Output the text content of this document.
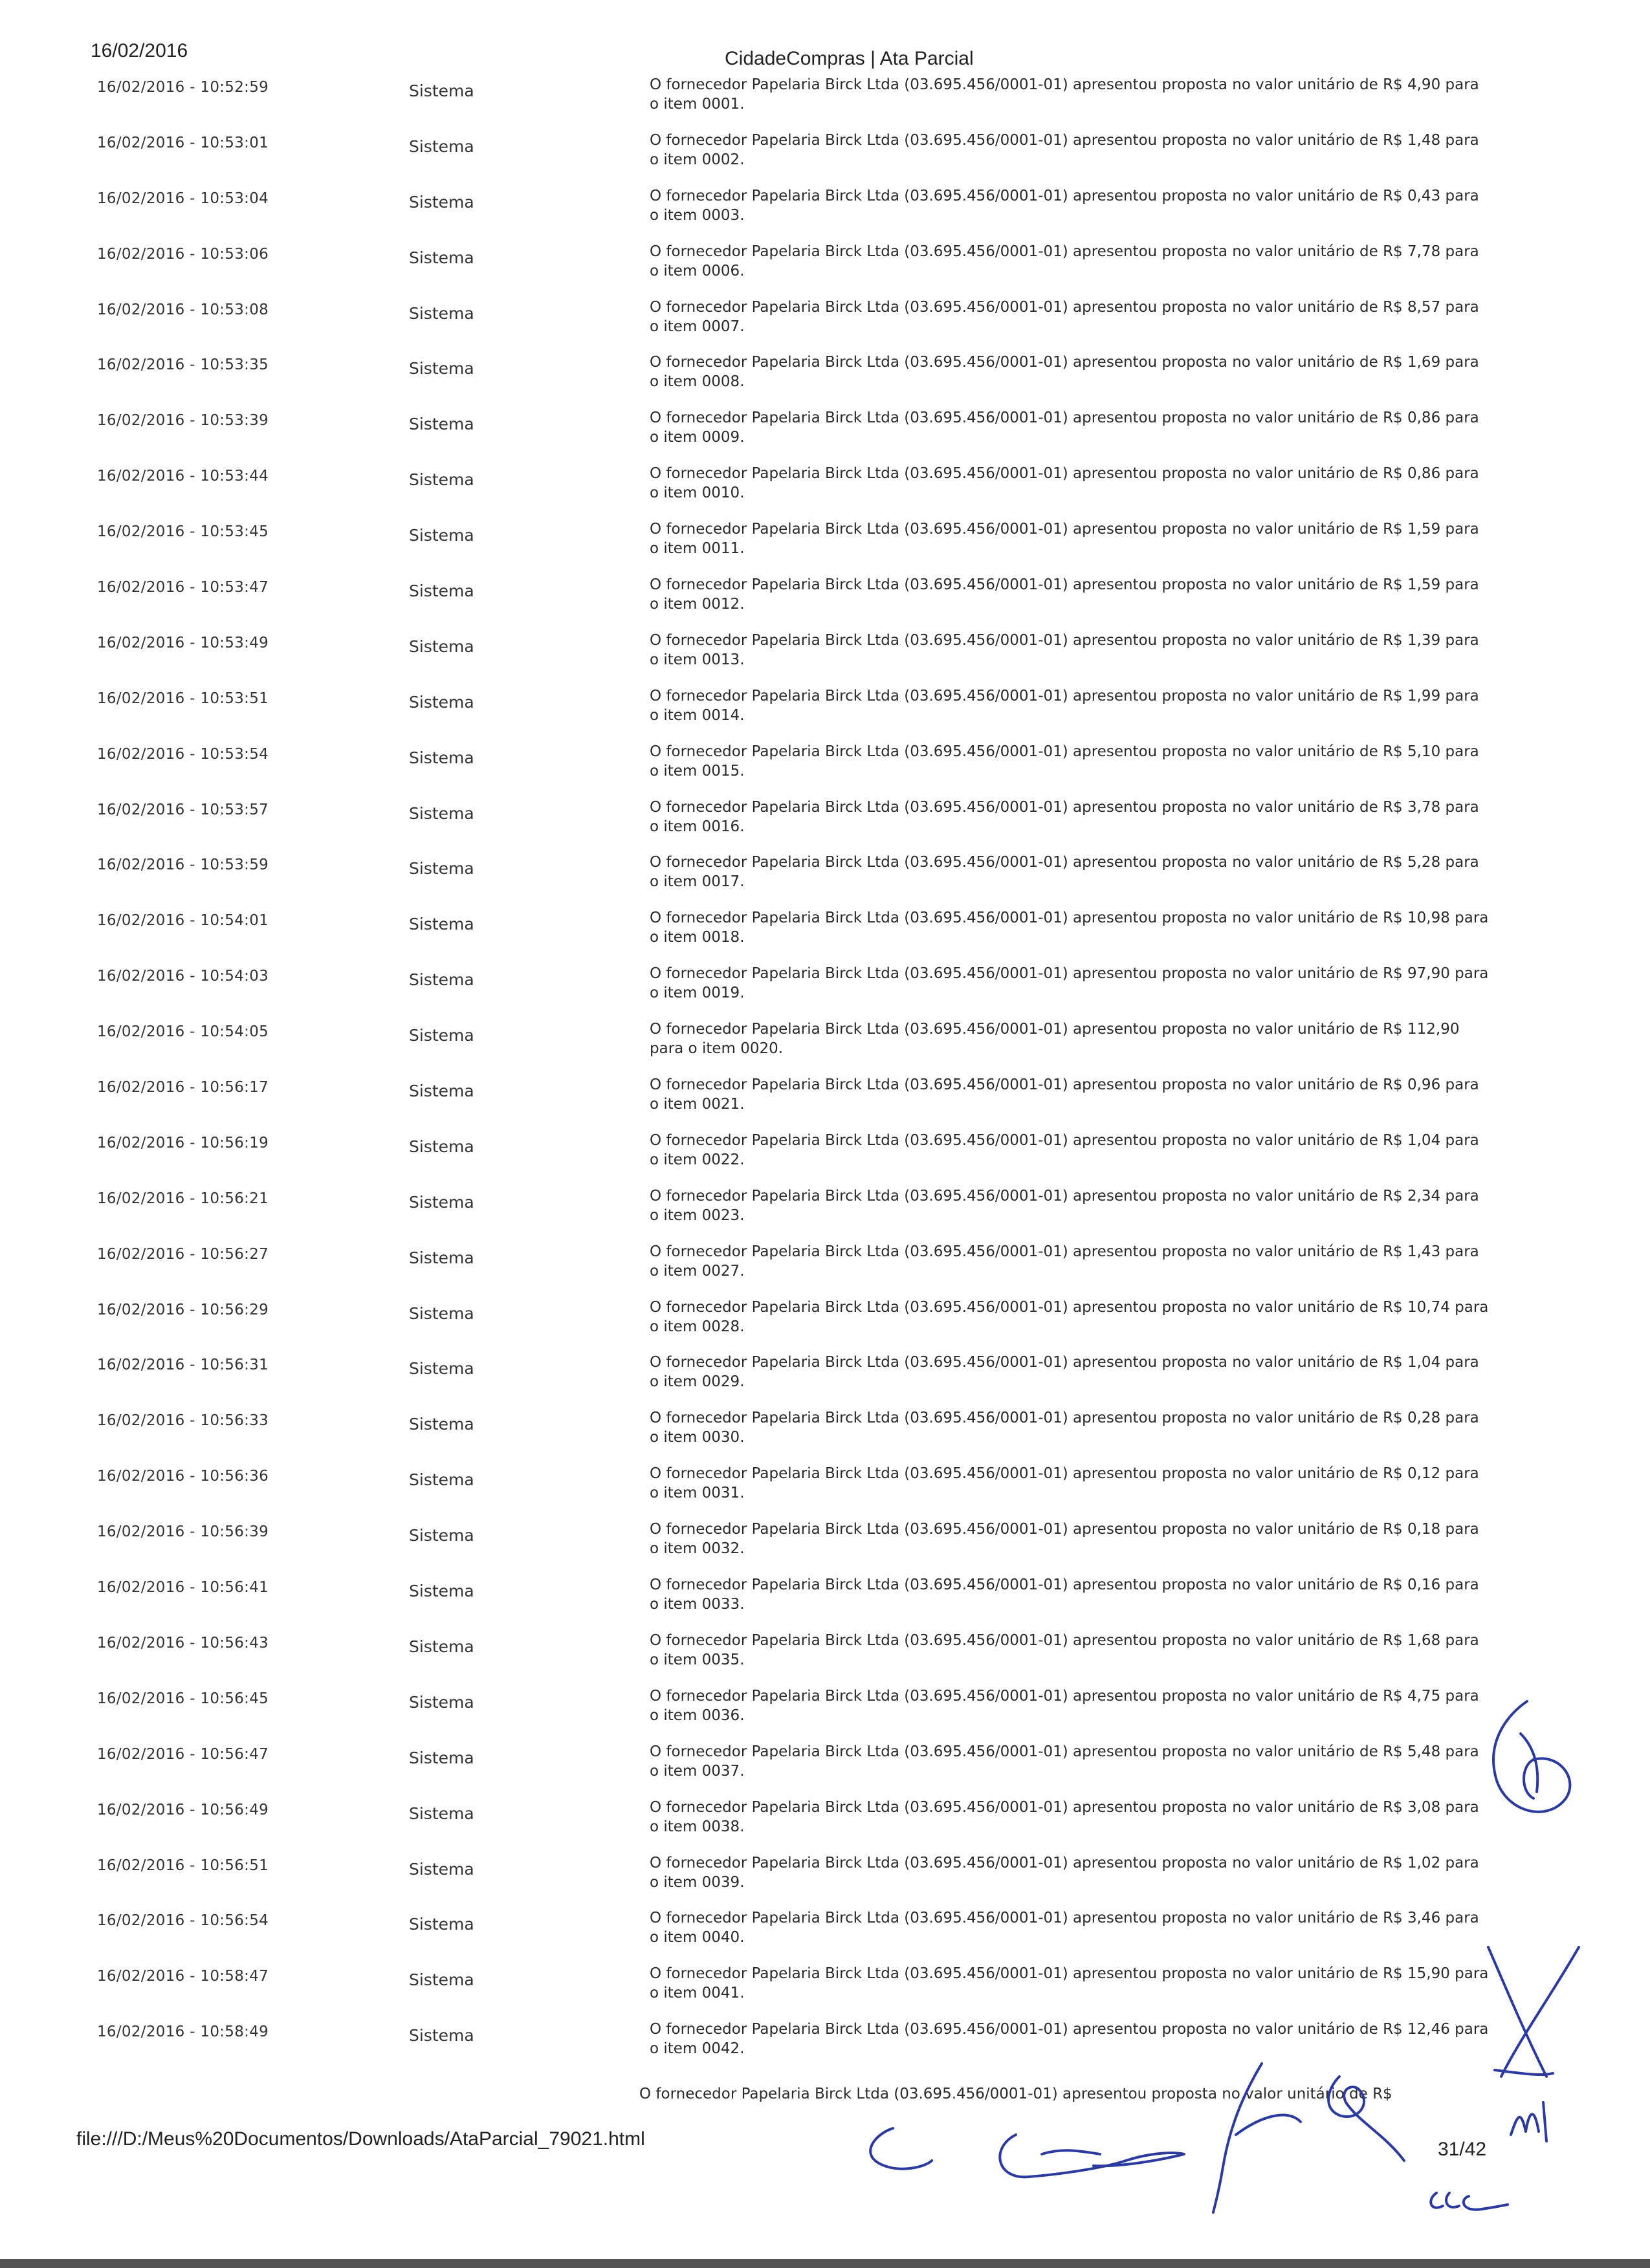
16/02/2016	CidadeCompras | Ata Parcial
16/02/2016 - 10:52:59	Sistema	O fornecedor Papelaria Birck Ltda (03.695.456/0001-01) apresentou proposta no valor unitário de R$ 4,90 para o item 0001.
16/02/2016 - 10:53:01	Sistema	O fornecedor Papelaria Birck Ltda (03.695.456/0001-01) apresentou proposta no valor unitário de R$ 1,48 para o item 0002.
16/02/2016 - 10:53:04	Sistema	O fornecedor Papelaria Birck Ltda (03.695.456/0001-01) apresentou proposta no valor unitário de R$ 0,43 para o item 0003.
16/02/2016 - 10:53:06	Sistema	O fornecedor Papelaria Birck Ltda (03.695.456/0001-01) apresentou proposta no valor unitário de R$ 7,78 para o item 0006.
16/02/2016 - 10:53:08	Sistema	O fornecedor Papelaria Birck Ltda (03.695.456/0001-01) apresentou proposta no valor unitário de R$ 8,57 para o item 0007.
16/02/2016 - 10:53:35	Sistema	O fornecedor Papelaria Birck Ltda (03.695.456/0001-01) apresentou proposta no valor unitário de R$ 1,69 para o item 0008.
16/02/2016 - 10:53:39	Sistema	O fornecedor Papelaria Birck Ltda (03.695.456/0001-01) apresentou proposta no valor unitário de R$ 0,86 para o item 0009.
16/02/2016 - 10:53:44	Sistema	O fornecedor Papelaria Birck Ltda (03.695.456/0001-01) apresentou proposta no valor unitário de R$ 0,86 para o item 0010.
16/02/2016 - 10:53:45	Sistema	O fornecedor Papelaria Birck Ltda (03.695.456/0001-01) apresentou proposta no valor unitário de R$ 1,59 para o item 0011.
16/02/2016 - 10:53:47	Sistema	O fornecedor Papelaria Birck Ltda (03.695.456/0001-01) apresentou proposta no valor unitário de R$ 1,59 para o item 0012.
16/02/2016 - 10:53:49	Sistema	O fornecedor Papelaria Birck Ltda (03.695.456/0001-01) apresentou proposta no valor unitário de R$ 1,39 para o item 0013.
16/02/2016 - 10:53:51	Sistema	O fornecedor Papelaria Birck Ltda (03.695.456/0001-01) apresentou proposta no valor unitário de R$ 1,99 para o item 0014.
16/02/2016 - 10:53:54	Sistema	O fornecedor Papelaria Birck Ltda (03.695.456/0001-01) apresentou proposta no valor unitário de R$ 5,10 para o item 0015.
16/02/2016 - 10:53:57	Sistema	O fornecedor Papelaria Birck Ltda (03.695.456/0001-01) apresentou proposta no valor unitário de R$ 3,78 para o item 0016.
16/02/2016 - 10:53:59	Sistema	O fornecedor Papelaria Birck Ltda (03.695.456/0001-01) apresentou proposta no valor unitário de R$ 5,28 para o item 0017.
16/02/2016 - 10:54:01	Sistema	O fornecedor Papelaria Birck Ltda (03.695.456/0001-01) apresentou proposta no valor unitário de R$ 10,98 para o item 0018.
16/02/2016 - 10:54:03	Sistema	O fornecedor Papelaria Birck Ltda (03.695.456/0001-01) apresentou proposta no valor unitário de R$ 97,90 para o item 0019.
16/02/2016 - 10:54:05	Sistema	O fornecedor Papelaria Birck Ltda (03.695.456/0001-01) apresentou proposta no valor unitário de R$ 112,90 para o item 0020.
16/02/2016 - 10:56:17	Sistema	O fornecedor Papelaria Birck Ltda (03.695.456/0001-01) apresentou proposta no valor unitário de R$ 0,96 para o item 0021.
16/02/2016 - 10:56:19	Sistema	O fornecedor Papelaria Birck Ltda (03.695.456/0001-01) apresentou proposta no valor unitário de R$ 1,04 para o item 0022.
16/02/2016 - 10:56:21	Sistema	O fornecedor Papelaria Birck Ltda (03.695.456/0001-01) apresentou proposta no valor unitário de R$ 2,34 para o item 0023.
16/02/2016 - 10:56:27	Sistema	O fornecedor Papelaria Birck Ltda (03.695.456/0001-01) apresentou proposta no valor unitário de R$ 1,43 para o item 0027.
16/02/2016 - 10:56:29	Sistema	O fornecedor Papelaria Birck Ltda (03.695.456/0001-01) apresentou proposta no valor unitário de R$ 10,74 para o item 0028.
16/02/2016 - 10:56:31	Sistema	O fornecedor Papelaria Birck Ltda (03.695.456/0001-01) apresentou proposta no valor unitário de R$ 1,04 para o item 0029.
16/02/2016 - 10:56:33	Sistema	O fornecedor Papelaria Birck Ltda (03.695.456/0001-01) apresentou proposta no valor unitário de R$ 0,28 para o item 0030.
16/02/2016 - 10:56:36	Sistema	O fornecedor Papelaria Birck Ltda (03.695.456/0001-01) apresentou proposta no valor unitário de R$ 0,12 para o item 0031.
16/02/2016 - 10:56:39	Sistema	O fornecedor Papelaria Birck Ltda (03.695.456/0001-01) apresentou proposta no valor unitário de R$ 0,18 para o item 0032.
16/02/2016 - 10:56:41	Sistema	O fornecedor Papelaria Birck Ltda (03.695.456/0001-01) apresentou proposta no valor unitário de R$ 0,16 para o item 0033.
16/02/2016 - 10:56:43	Sistema	O fornecedor Papelaria Birck Ltda (03.695.456/0001-01) apresentou proposta no valor unitário de R$ 1,68 para o item 0035.
16/02/2016 - 10:56:45	Sistema	O fornecedor Papelaria Birck Ltda (03.695.456/0001-01) apresentou proposta no valor unitário de R$ 4,75 para o item 0036.
16/02/2016 - 10:56:47	Sistema	O fornecedor Papelaria Birck Ltda (03.695.456/0001-01) apresentou proposta no valor unitário de R$ 5,48 para o item 0037.
16/02/2016 - 10:56:49	Sistema	O fornecedor Papelaria Birck Ltda (03.695.456/0001-01) apresentou proposta no valor unitário de R$ 3,08 para o item 0038.
16/02/2016 - 10:56:51	Sistema	O fornecedor Papelaria Birck Ltda (03.695.456/0001-01) apresentou proposta no valor unitário de R$ 1,02 para o item 0039.
16/02/2016 - 10:56:54	Sistema	O fornecedor Papelaria Birck Ltda (03.695.456/0001-01) apresentou proposta no valor unitário de R$ 3,46 para o item 0040.
16/02/2016 - 10:58:47	Sistema	O fornecedor Papelaria Birck Ltda (03.695.456/0001-01) apresentou proposta no valor unitário de R$ 15,90 para o item 0041.
16/02/2016 - 10:58:49	Sistema	O fornecedor Papelaria Birck Ltda (03.695.456/0001-01) apresentou proposta no valor unitário de R$ 12,46 para o item 0042.
O fornecedor Papelaria Birck Ltda (03.695.456/0001-01) apresentou proposta no valor unitário de R$
file:///D:/Meus%20Documentos/Downloads/AtaParcial_79021.html	31/42
